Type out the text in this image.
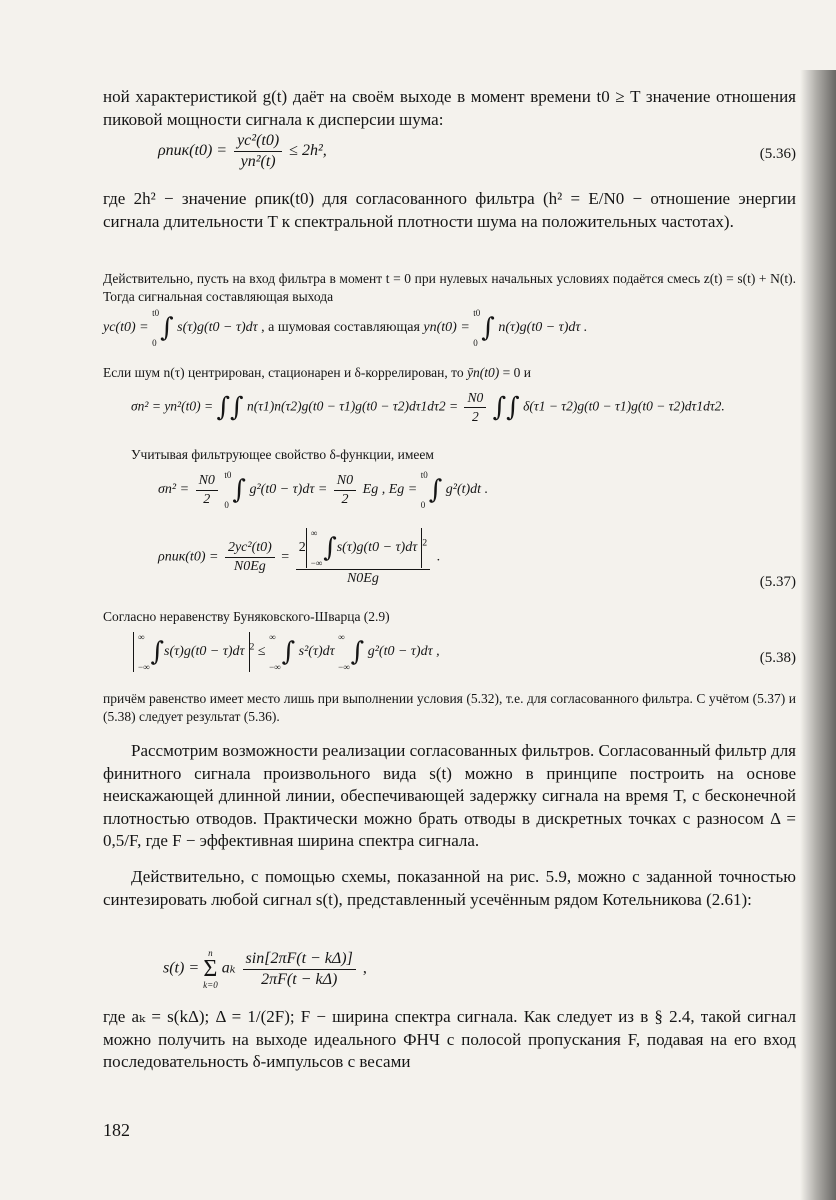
ной характеристикой g(t) даёт на своём выходе в момент времени t0 ≥ T значение отношения пиковой мощности сигнала к дисперсии шума:

$\rho пик(t0) = \frac{\text{yc²(t0)}}{\text{yn²(t)}} \le 2h^2$,	(5.36)

где 2h² − значение ρпик(t0) для согласованного фильтра (h² = E/N0 − отношение энергии сигнала длительности T к спектральной плотности шума на положительных частотах).

Действительно, пусть на вход фильтра в момент t = 0 при нулевых начальных условиях подаётся смесь z(t) = s(t) + N(t). Тогда сигнальная составляющая выхода

yc(t0) =
t0
0 ∫ s(τ)g(t0 − τ)dτ , а шумовая составляющая yn(t0) =
t0
0 ∫ n(τ)g(t0 − τ)dτ .
Если шум n(τ) центрирован, стационарен и δ-коррелирован, то ȳn(t0) = 0 и
σn² = yn²(t0) = ∫∫ $n(\tau 1)n(\tau 2)g(t0 - \tau 1)g(t0 - \tau 2)d\tau 1d\tau 2 = \frac{N0}{2}$ ∫∫ δ(τ1 − τ2)g(t0 − τ1)g(t0 − τ2)dτ1dτ2.

Учитывая фильтрующее свойство δ-функции, имеем

$\sigma n^2 = \frac{N0}{2}$
t0
0 ∫ $g^2(t0 - \tau)d\tau = \frac{N0}{2}$ Eg , Eg =
t0
0 ∫ g²(t)dt .
$\rho пик(t0) = \frac{\text{2yc²(t0)}}{N0Eg} = 2$
∞
−∞ ∫s(τ)g(t0 − τ)dτ $^2$
N0Eg .
(5.37)

Согласно неравенству Буняковского-Шварца (2.9)

∞
−∞ ∫s(τ)g(t0 − τ)dτ $^2$ ≤
∞
−∞ ∫ s²(τ)dτ
∞
−∞ ∫ g²(t0 − τ)dτ ,	(5.38)

причём равенство имеет место лишь при выполнении условия (5.32), т.е. для согласованного фильтра. С учётом (5.37) и (5.38) следует результат (5.36).

Рассмотрим возможности реализации согласованных фильтров. Согласованный фильтр для финитного сигнала произвольного вида s(t) можно в принципе построить на основе неискажающей длинной линии, обеспечивающей задержку сигнала на время T, с бесконечной плотностью отводов. Практически можно брать отводы в дискретных точках с разносом Δ = 0,5/F, где F − эффективная ширина спектра сигнала.

Действительно, с помощью схемы, показанной на рис. 5.9, можно с заданной точностью синтезировать любой сигнал s(t), представленный усечённым рядом Котельникова (2.61):

s(t) =
n
Σ
k=0
aₖ $\frac{\sin[2\pi F(t - k\Delta)]}{2\pi F(t - k\Delta)}$ ,

где aₖ = s(kΔ); Δ = 1/(2F); F − ширина спектра сигнала. Как следует из в § 2.4, такой сигнал можно получить на выходе идеального ФНЧ с полосой пропускания F, подавая на его вход последовательность δ-импульсов с весами

182
